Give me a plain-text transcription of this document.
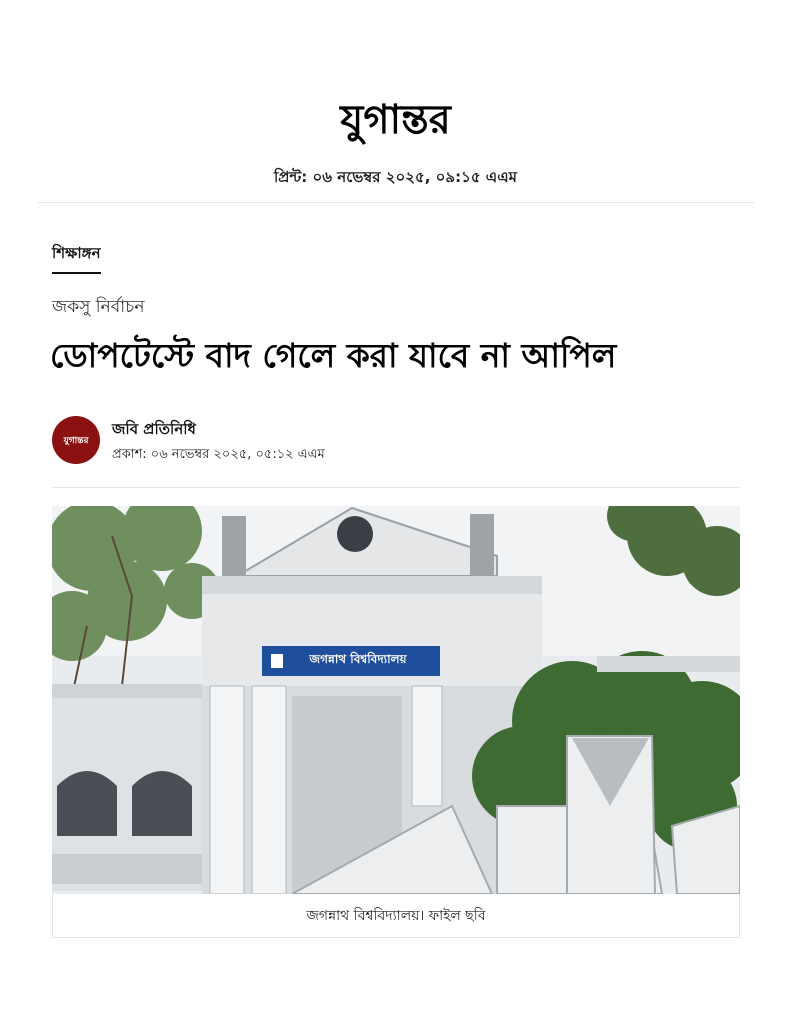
যুগান্তর
প্রিন্ট: ০৬ নভেম্বর ২০২৫, ০৯:১৫ এএম
শিক্ষাঙ্গন
জকসু নির্বাচন
ডোপটেস্টে বাদ গেলে করা যাবে না আপিল
যুগান্তর
জবি প্রতিনিধি
প্রকাশ: ০৬ নভেম্বর ২০২৫, ০৫:১২ এএম
জগন্নাথ বিশ্ববিদ্যালয়। ফাইল ছবি
জগন্নাথ বিশ্ববিদ্যালয়
